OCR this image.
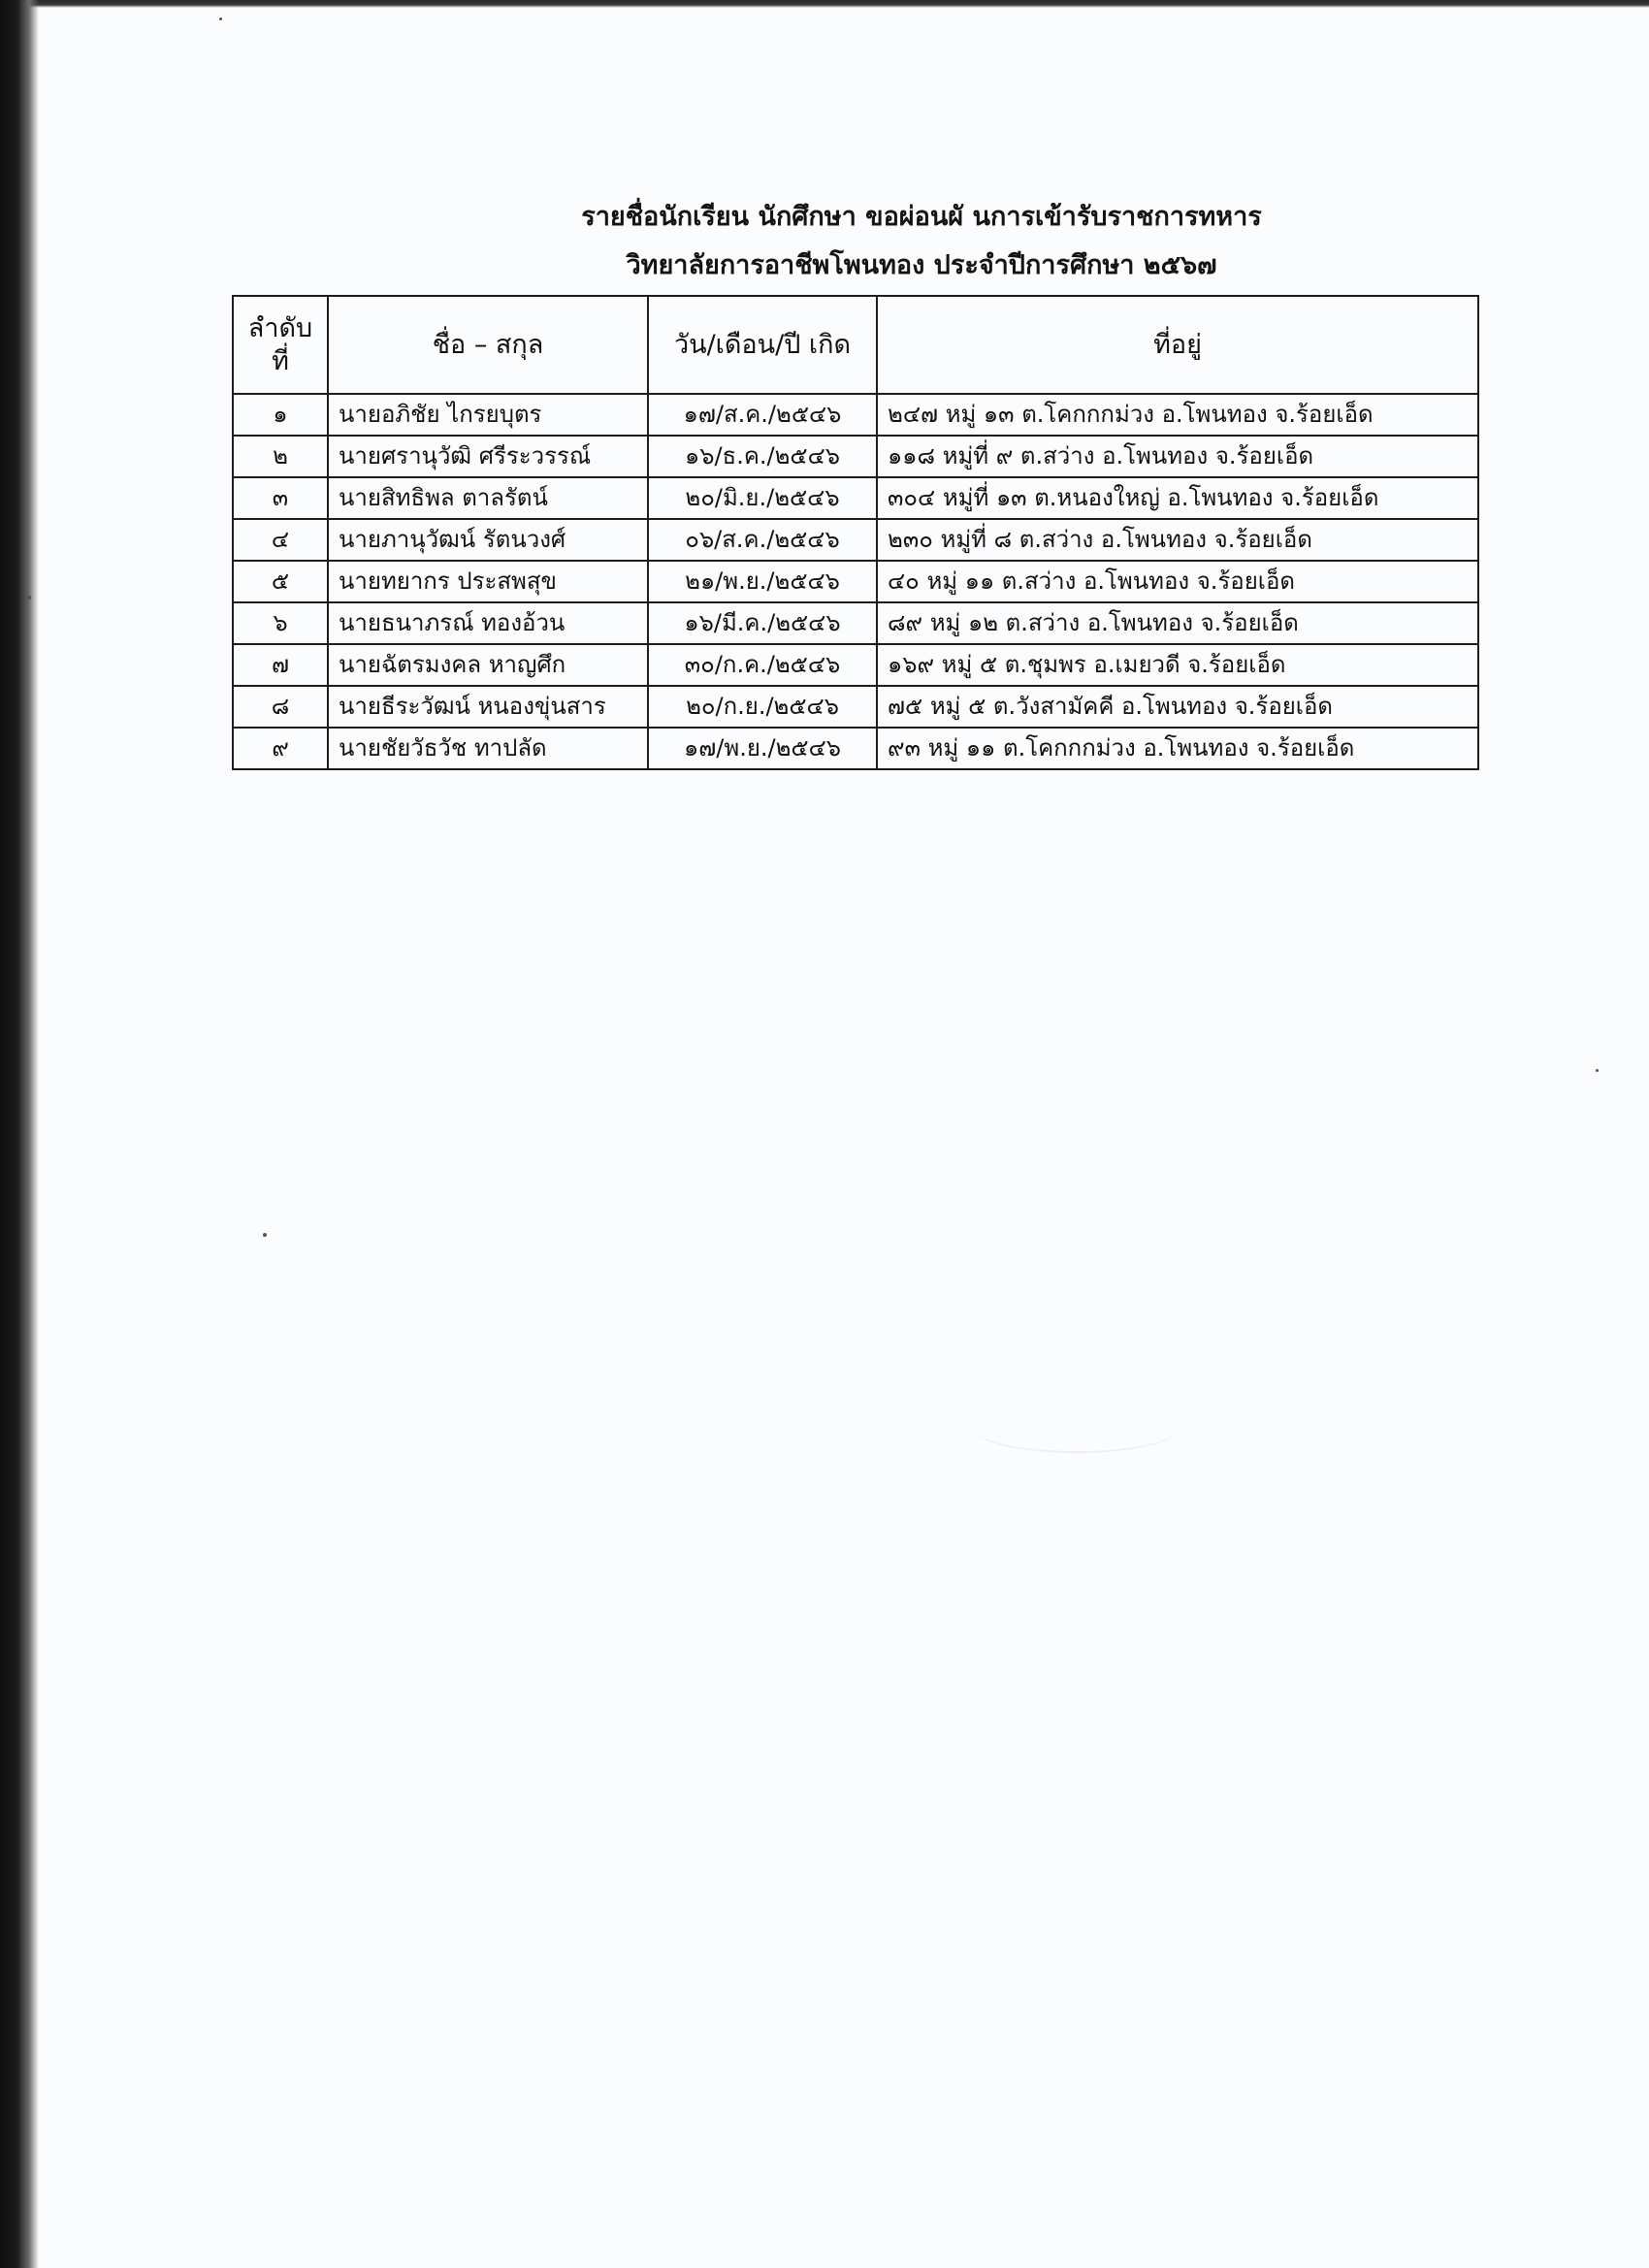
รายชื่อนักเรียน นักศึกษา ขอผ่อนผั นการเข้ารับราชการทหาร
วิทยาลัยการอาชีพโพนทอง ประจำปีการศึกษา ๒๕๖๗
ลำดับ
ที่	ชื่อ – สกุล	วัน/เดือน/ปี เกิด	ที่อยู่
๑	นายอภิชัย ไกรยบุตร	๑๗/ส.ค./๒๕๔๖	๒๔๗ หมู่ ๑๓ ต.โคกกกม่วง อ.โพนทอง จ.ร้อยเอ็ด
๒	นายศรานุวัฒิ ศรีระวรรณ์	๑๖/ธ.ค./๒๕๔๖	๑๑๘ หมู่ที่ ๙ ต.สว่าง อ.โพนทอง จ.ร้อยเอ็ด
๓	นายสิทธิพล ตาลรัตน์	๒๐/มิ.ย./๒๕๔๖	๓๐๔ หมู่ที่ ๑๓ ต.หนองใหญ่ อ.โพนทอง จ.ร้อยเอ็ด
๔	นายภานุวัฒน์ รัตนวงศ์	๐๖/ส.ค./๒๕๔๖	๒๓๐ หมู่ที่ ๘ ต.สว่าง อ.โพนทอง จ.ร้อยเอ็ด
๕	นายทยากร ประสพสุข	๒๑/พ.ย./๒๕๔๖	๔๐ หมู่ ๑๑ ต.สว่าง อ.โพนทอง จ.ร้อยเอ็ด
๖	นายธนาภรณ์ ทองอ้วน	๑๖/มี.ค./๒๕๔๖	๘๙ หมู่ ๑๒ ต.สว่าง อ.โพนทอง จ.ร้อยเอ็ด
๗	นายฉัตรมงคล หาญศึก	๓๐/ก.ค./๒๕๔๖	๑๖๙ หมู่ ๕ ต.ชุมพร อ.เมยวดี จ.ร้อยเอ็ด
๘	นายธีระวัฒน์ หนองขุ่นสาร	๒๐/ก.ย./๒๕๔๖	๗๕ หมู่ ๕ ต.วังสามัคคี อ.โพนทอง จ.ร้อยเอ็ด
๙	นายชัยวัธวัช ทาปลัด	๑๗/พ.ย./๒๕๔๖	๙๓ หมู่ ๑๑ ต.โคกกกม่วง อ.โพนทอง จ.ร้อยเอ็ด
